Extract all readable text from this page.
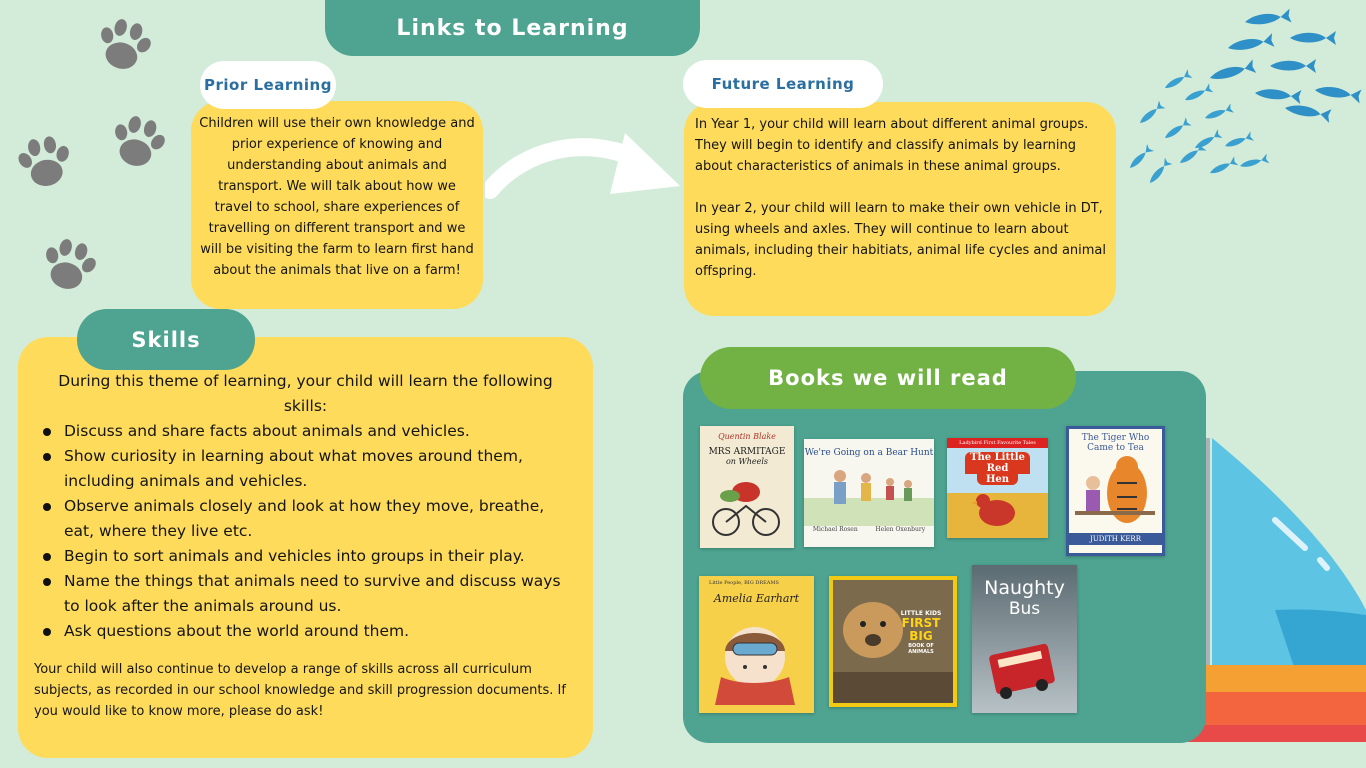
Links to Learning
Children will use their own knowledge and prior experience of knowing and understanding about animals and transport. We will talk about how we travel to school, share experiences of travelling on different transport and we will be visiting the farm to learn first hand about the animals that live on a farm!
Prior Learning

In Year 1, your child will learn about different animal groups. They will begin to identify and classify animals by learning about characteristics of animals in these animal groups.

In year 2, your child will learn to make their own vehicle in DT, using wheels and axles. They will continue to learn about animals, including their habitiats, animal life cycles and animal offspring.

Future Learning
During this theme of learning, your child will learn the following skills:
Discuss and share facts about animals and vehicles.
Show curiosity in learning about what moves around them, including animals and vehicles.
Observe animals closely and look at how they move, breathe, eat, where they live etc.
Begin to sort animals and vehicles into groups in their play.
Name the things that animals need to survive and discuss ways to look after the animals around us.
Ask questions about the world around them.
Your child will also continue to develop a range of skills across all curriculum subjects, as recorded in our school knowledge and skill progression documents. If you would like to know more, please do ask!
Skills
Books we will read
Quentin Blake
MRS ARMITAGE
on Wheels
We're Going on a Bear Hunt
Michael Rosen	Helen Oxenbury
Ladybird First Favourite Tales
The Little Red
Hen
The Tiger Who
Came to Tea
JUDITH KERR
Little People, BIG DREAMS
Amelia Earhart
LITTLE KIDS
FIRST BIG
BOOK OF ANIMALS
Naughty
Bus
